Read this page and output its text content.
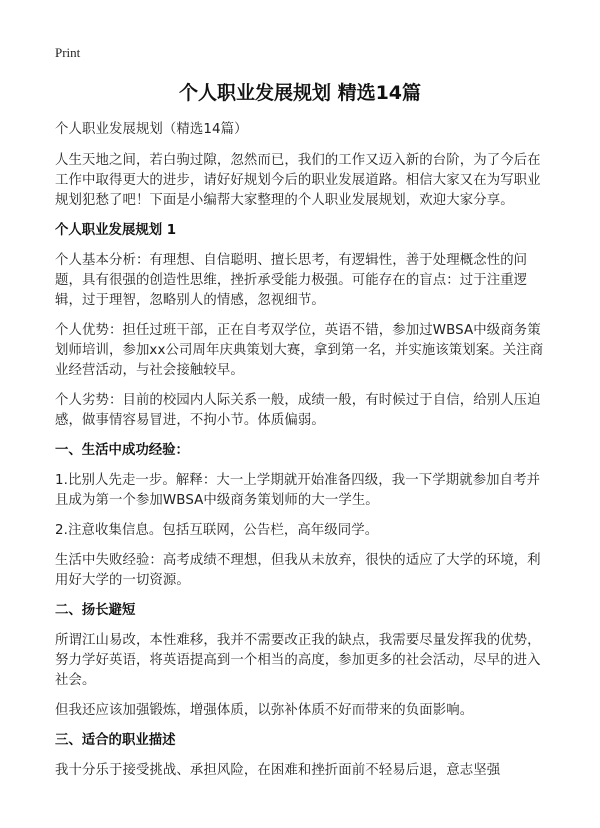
Print
个人职业发展规划 精选14篇

个人职业发展规划（精选14篇）

人生天地之间，若白驹过隙，忽然而已，我们的工作又迈入新的台阶，为了今后在工作中取得更大的进步，请好好规划今后的职业发展道路。相信大家又在为写职业规划犯愁了吧！下面是小编帮大家整理的个人职业发展规划，欢迎大家分享。

个人职业发展规划 1

个人基本分析：有理想、自信聪明、擅长思考，有逻辑性，善于处理概念性的问题，具有很强的创造性思维，挫折承受能力极强。可能存在的盲点：过于注重逻辑，过于理智，忽略别人的情感，忽视细节。

个人优势：担任过班干部，正在自考双学位，英语不错，参加过WBSA中级商务策划师培训，参加xx公司周年庆典策划大赛，拿到第一名，并实施该策划案。关注商业经营活动，与社会接触较早。

个人劣势：目前的校园内人际关系一般，成绩一般，有时候过于自信，给别人压迫感，做事情容易冒进，不拘小节。体质偏弱。

一、生活中成功经验：

1.比别人先走一步。解释：大一上学期就开始准备四级，我一下学期就参加自考并且成为第一个参加WBSA中级商务策划师的大一学生。

2.注意收集信息。包括互联网，公告栏，高年级同学。

生活中失败经验：高考成绩不理想，但我从未放弃，很快的适应了大学的环境，利用好大学的一切资源。

二、扬长避短

所谓江山易改，本性难移，我并不需要改正我的缺点，我需要尽量发挥我的优势，努力学好英语，将英语提高到一个相当的高度，参加更多的社会活动，尽早的进入社会。

但我还应该加强锻炼，增强体质，以弥补体质不好而带来的负面影响。

三、适合的职业描述

我十分乐于接受挑战、承担风险，在困难和挫折面前不轻易后退，意志坚强
